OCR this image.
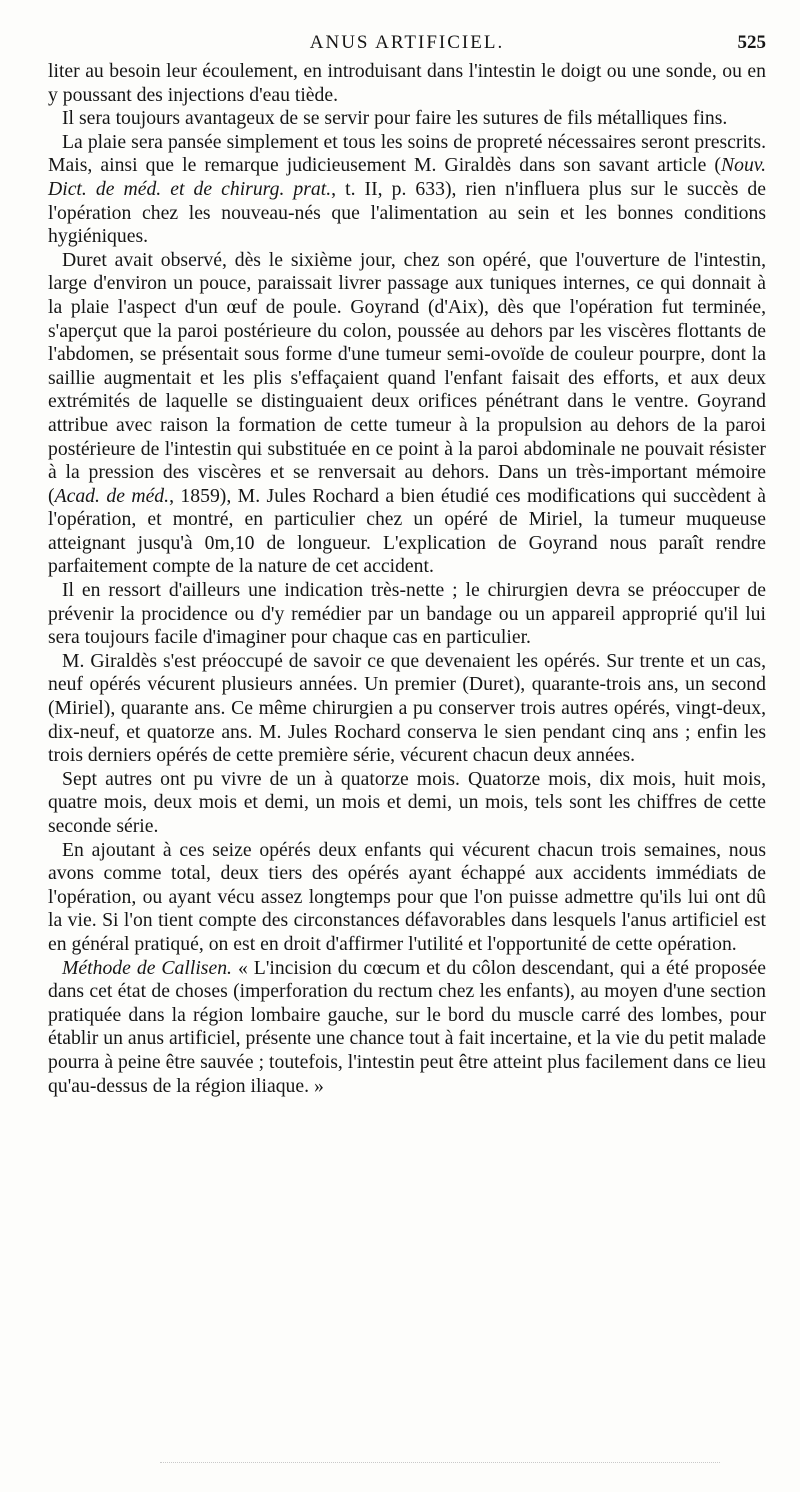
ANUS ARTIFICIEL.	525

liter au besoin leur écoulement, en introduisant dans l'intestin le doigt ou une sonde, ou en y poussant des injections d'eau tiède.

Il sera toujours avantageux de se servir pour faire les sutures de fils métalliques fins.

La plaie sera pansée simplement et tous les soins de propreté nécessaires seront prescrits. Mais, ainsi que le remarque judicieusement M. Giraldès dans son savant article (Nouv. Dict. de méd. et de chirurg. prat., t. II, p. 633), rien n'influera plus sur le succès de l'opération chez les nouveau-nés que l'alimentation au sein et les bonnes conditions hygiéniques.

Duret avait observé, dès le sixième jour, chez son opéré, que l'ouverture de l'intestin, large d'environ un pouce, paraissait livrer passage aux tuniques internes, ce qui donnait à la plaie l'aspect d'un œuf de poule. Goyrand (d'Aix), dès que l'opération fut terminée, s'aperçut que la paroi postérieure du colon, poussée au dehors par les viscères flottants de l'abdomen, se présentait sous forme d'une tumeur semi-ovoïde de couleur pourpre, dont la saillie augmentait et les plis s'effaçaient quand l'enfant faisait des efforts, et aux deux extrémités de laquelle se distinguaient deux orifices pénétrant dans le ventre. Goyrand attribue avec raison la formation de cette tumeur à la propulsion au dehors de la paroi postérieure de l'intestin qui substituée en ce point à la paroi abdominale ne pouvait résister à la pression des viscères et se renversait au dehors. Dans un très-important mémoire (Acad. de méd., 1859), M. Jules Rochard a bien étudié ces modifications qui succèdent à l'opération, et montré, en particulier chez un opéré de Miriel, la tumeur muqueuse atteignant jusqu'à 0m,10 de longueur. L'explication de Goyrand nous paraît rendre parfaitement compte de la nature de cet accident.

Il en ressort d'ailleurs une indication très-nette ; le chirurgien devra se préoccuper de prévenir la procidence ou d'y remédier par un bandage ou un appareil approprié qu'il lui sera toujours facile d'imaginer pour chaque cas en particulier.

M. Giraldès s'est préoccupé de savoir ce que devenaient les opérés. Sur trente et un cas, neuf opérés vécurent plusieurs années. Un premier (Duret), quarante-trois ans, un second (Miriel), quarante ans. Ce même chirurgien a pu conserver trois autres opérés, vingt-deux, dix-neuf, et quatorze ans. M. Jules Rochard conserva le sien pendant cinq ans ; enfin les trois derniers opérés de cette première série, vécurent chacun deux années.

Sept autres ont pu vivre de un à quatorze mois. Quatorze mois, dix mois, huit mois, quatre mois, deux mois et demi, un mois et demi, un mois, tels sont les chiffres de cette seconde série.

En ajoutant à ces seize opérés deux enfants qui vécurent chacun trois semaines, nous avons comme total, deux tiers des opérés ayant échappé aux accidents immédiats de l'opération, ou ayant vécu assez longtemps pour que l'on puisse admettre qu'ils lui ont dû la vie. Si l'on tient compte des circonstances défavorables dans lesquels l'anus artificiel est en général pratiqué, on est en droit d'affirmer l'utilité et l'opportunité de cette opération.

Méthode de Callisen. « L'incision du cœcum et du côlon descendant, qui a été proposée dans cet état de choses (imperforation du rectum chez les enfants), au moyen d'une section pratiquée dans la région lombaire gauche, sur le bord du muscle carré des lombes, pour établir un anus artificiel, présente une chance tout à fait incertaine, et la vie du petit malade pourra à peine être sauvée ; toutefois, l'intestin peut être atteint plus facilement dans ce lieu qu'au-dessus de la région iliaque. »
